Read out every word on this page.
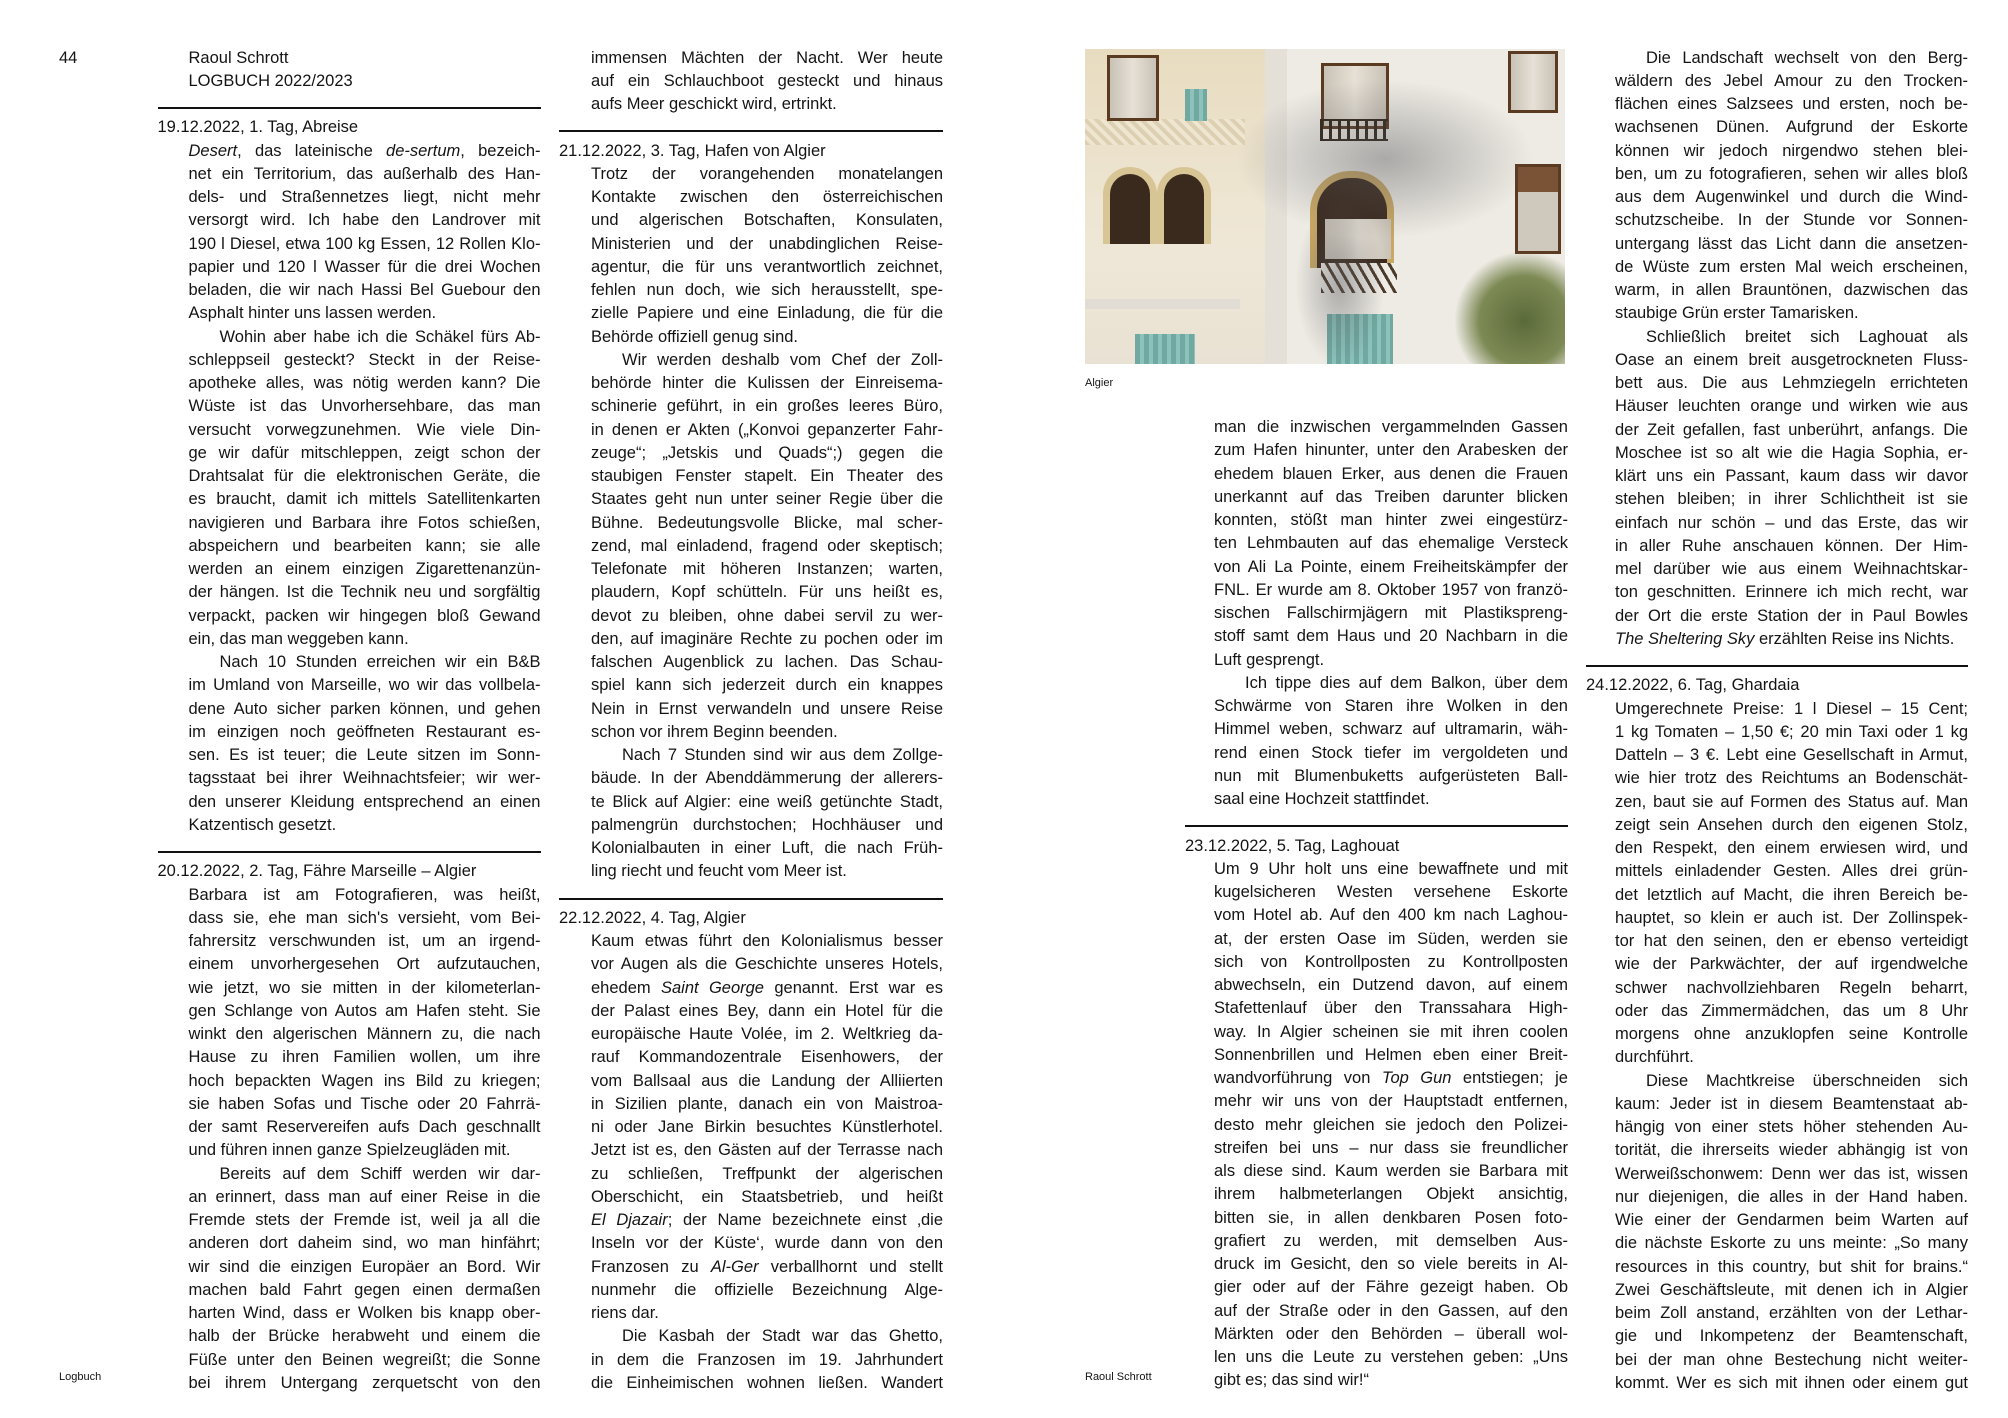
44	Raoul Schrott
LOGBUCH 2022/2023
19.12.2022, 1. Tag, Abreise
Desert, das lateinische de-sertum, bezeich-
net ein Territorium, das außerhalb des Han-
dels- und Straßennetzes liegt, nicht mehr
versorgt wird. Ich habe den Landrover mit
190 l Diesel, etwa 100 kg Essen, 12 Rollen Klo-
papier und 120 l Wasser für die drei Wochen
beladen, die wir nach Hassi Bel Guebour den
Asphalt hinter uns lassen werden.
Wohin aber habe ich die Schäkel fürs Ab-
schleppseil gesteckt? Steckt in der Reise-
apotheke alles, was nötig werden kann? Die
Wüste ist das Unvorhersehbare, das man
versucht vorwegzunehmen. Wie viele Din-
ge wir dafür mitschleppen, zeigt schon der
Drahtsalat für die elektronischen Geräte, die
es braucht, damit ich mittels Satellitenkarten
navigieren und Barbara ihre Fotos schießen,
abspeichern und bearbeiten kann; sie alle
werden an einem einzigen Zigarettenanzün-
der hängen. Ist die Technik neu und sorgfältig
verpackt, packen wir hingegen bloß Gewand
ein, das man weggeben kann.
Nach 10 Stunden erreichen wir ein B&B
im Umland von Marseille, wo wir das vollbela-
dene Auto sicher parken können, und gehen
im einzigen noch geöffneten Restaurant es-
sen. Es ist teuer; die Leute sitzen im Sonn-
tagsstaat bei ihrer Weihnachtsfeier; wir wer-
den unserer Kleidung entsprechend an einen
Katzentisch gesetzt.
20.12.2022, 2. Tag, Fähre Marseille – Algier
Barbara ist am Fotografieren, was heißt,
dass sie, ehe man sich's versieht, vom Bei-
fahrersitz verschwunden ist, um an irgend-
einem unvorhergesehen Ort aufzutauchen,
wie jetzt, wo sie mitten in der kilometerlan-
gen Schlange von Autos am Hafen steht. Sie
winkt den algerischen Männern zu, die nach
Hause zu ihren Familien wollen, um ihre
hoch bepackten Wagen ins Bild zu kriegen;
sie haben Sofas und Tische oder 20 Fahrrä-
der samt Reservereifen aufs Dach geschnallt
und führen innen ganze Spielzeugläden mit.
Bereits auf dem Schiff werden wir dar-
an erinnert, dass man auf einer Reise in die
Fremde stets der Fremde ist, weil ja all die
anderen dort daheim sind, wo man hinfährt;
wir sind die einzigen Europäer an Bord. Wir
machen bald Fahrt gegen einen dermaßen
harten Wind, dass er Wolken bis knapp ober-
halb der Brücke herabweht und einem die
Füße unter den Beinen wegreißt; die Sonne
bei ihrem Untergang zerquetscht von den
immensen Mächten der Nacht. Wer heute
auf ein Schlauchboot gesteckt und hinaus
aufs Meer geschickt wird, ertrinkt.
21.12.2022, 3. Tag, Hafen von Algier
Trotz der vorangehenden monatelangen
Kontakte zwischen den österreichischen
und algerischen Botschaften, Konsulaten,
Ministerien und der unabdinglichen Reise-
agentur, die für uns verantwortlich zeichnet,
fehlen nun doch, wie sich herausstellt, spe-
zielle Papiere und eine Einladung, die für die
Behörde offiziell genug sind.
Wir werden deshalb vom Chef der Zoll-
behörde hinter die Kulissen der Einreisema-
schinerie geführt, in ein großes leeres Büro,
in denen er Akten („Konvoi gepanzerter Fahr-
zeuge“; „Jetskis und Quads“;) gegen die
staubigen Fenster stapelt. Ein Theater des
Staates geht nun unter seiner Regie über die
Bühne. Bedeutungsvolle Blicke, mal scher-
zend, mal einladend, fragend oder skeptisch;
Telefonate mit höheren Instanzen; warten,
plaudern, Kopf schütteln. Für uns heißt es,
devot zu bleiben, ohne dabei servil zu wer-
den, auf imaginäre Rechte zu pochen oder im
falschen Augenblick zu lachen. Das Schau-
spiel kann sich jederzeit durch ein knappes
Nein in Ernst verwandeln und unsere Reise
schon vor ihrem Beginn beenden.
Nach 7 Stunden sind wir aus dem Zollge-
bäude. In der Abenddämmerung der allerers-
te Blick auf Algier: eine weiß getünchte Stadt,
palmengrün durchstochen; Hochhäuser und
Kolonialbauten in einer Luft, die nach Früh-
ling riecht und feucht vom Meer ist.
22.12.2022, 4. Tag, Algier
Kaum etwas führt den Kolonialismus besser
vor Augen als die Geschichte unseres Hotels,
ehedem Saint George genannt. Erst war es
der Palast eines Bey, dann ein Hotel für die
europäische Haute Volée, im 2. Weltkrieg da-
rauf Kommandozentrale Eisenhowers, der
vom Ballsaal aus die Landung der Alliierten
in Sizilien plante, danach ein von Maistroa-
ni oder Jane Birkin besuchtes Künstlerhotel.
Jetzt ist es, den Gästen auf der Terrasse nach
zu schließen, Treffpunkt der algerischen
Oberschicht, ein Staatsbetrieb, und heißt
El Djazair; der Name bezeichnete einst ‚die
Inseln vor der Küste‘, wurde dann von den
Franzosen zu Al-Ger verballhornt und stellt
nunmehr die offizielle Bezeichnung Alge-
riens dar.
Die Kasbah der Stadt war das Ghetto,
in dem die Franzosen im 19. Jahrhundert
die Einheimischen wohnen ließen. Wandert
Algier
man die inzwischen vergammelnden Gassen
zum Hafen hinunter, unter den Arabesken der
ehedem blauen Erker, aus denen die Frauen
unerkannt auf das Treiben darunter blicken
konnten, stößt man hinter zwei eingestürz-
ten Lehmbauten auf das ehemalige Versteck
von Ali La Pointe, einem Freiheitskämpfer der
FNL. Er wurde am 8. Oktober 1957 von franzö-
sischen Fallschirmjägern mit Plastikspreng-
stoff samt dem Haus und 20 Nachbarn in die
Luft gesprengt.
Ich tippe dies auf dem Balkon, über dem
Schwärme von Staren ihre Wolken in den
Himmel weben, schwarz auf ultramarin, wäh-
rend einen Stock tiefer im vergoldeten und
nun mit Blumenbuketts aufgerüsteten Ball-
saal eine Hochzeit stattfindet.
23.12.2022, 5. Tag, Laghouat
Um 9 Uhr holt uns eine bewaffnete und mit
kugelsicheren Westen versehene Eskorte
vom Hotel ab. Auf den 400 km nach Laghou-
at, der ersten Oase im Süden, werden sie
sich von Kontrollposten zu Kontrollposten
abwechseln, ein Dutzend davon, auf einem
Stafettenlauf über den Transsahara High-
way. In Algier scheinen sie mit ihren coolen
Sonnenbrillen und Helmen eben einer Breit-
wandvorführung von Top Gun entstiegen; je
mehr wir uns von der Hauptstadt entfernen,
desto mehr gleichen sie jedoch den Polizei-
streifen bei uns – nur dass sie freundlicher
als diese sind. Kaum werden sie Barbara mit
ihrem halbmeterlangen Objekt ansichtig,
bitten sie, in allen denkbaren Posen foto-
grafiert zu werden, mit demselben Aus-
druck im Gesicht, den so viele bereits in Al-
gier oder auf der Fähre gezeigt haben. Ob
auf der Straße oder in den Gassen, auf den
Märkten oder den Behörden – überall wol-
len uns die Leute zu verstehen geben: „Uns
gibt es; das sind wir!“
Die Landschaft wechselt von den Berg-
wäldern des Jebel Amour zu den Trocken-
flächen eines Salzsees und ersten, noch be-
wachsenen Dünen. Aufgrund der Eskorte
können wir jedoch nirgendwo stehen blei-
ben, um zu fotografieren, sehen wir alles bloß
aus dem Augenwinkel und durch die Wind-
schutzscheibe. In der Stunde vor Sonnen-
untergang lässt das Licht dann die ansetzen-
de Wüste zum ersten Mal weich erscheinen,
warm, in allen Brauntönen, dazwischen das
staubige Grün erster Tamarisken.
Schließlich breitet sich Laghouat als
Oase an einem breit ausgetrockneten Fluss-
bett aus. Die aus Lehmziegeln errichteten
Häuser leuchten orange und wirken wie aus
der Zeit gefallen, fast unberührt, anfangs. Die
Moschee ist so alt wie die Hagia Sophia, er-
klärt uns ein Passant, kaum dass wir davor
stehen bleiben; in ihrer Schlichtheit ist sie
einfach nur schön – und das Erste, das wir
in aller Ruhe anschauen können. Der Him-
mel darüber wie aus einem Weihnachtskar-
ton geschnitten. Erinnere ich mich recht, war
der Ort die erste Station der in Paul Bowles
The Sheltering Sky erzählten Reise ins Nichts.
24.12.2022, 6. Tag, Ghardaia
Umgerechnete Preise: 1 l Diesel – 15 Cent;
1 kg Tomaten – 1,50 €; 20 min Taxi oder 1 kg
Datteln – 3 €. Lebt eine Gesellschaft in Armut,
wie hier trotz des Reichtums an Bodenschät-
zen, baut sie auf Formen des Status auf. Man
zeigt sein Ansehen durch den eigenen Stolz,
den Respekt, den einem erwiesen wird, und
mittels einladender Gesten. Alles drei grün-
det letztlich auf Macht, die ihren Bereich be-
hauptet, so klein er auch ist. Der Zollinspek-
tor hat den seinen, den er ebenso verteidigt
wie der Parkwächter, der auf irgendwelche
schwer nachvollziehbaren Regeln beharrt,
oder das Zimmermädchen, das um 8 Uhr
morgens ohne anzuklopfen seine Kontrolle
durchführt.
Diese Machtkreise überschneiden sich
kaum: Jeder ist in diesem Beamtenstaat ab-
hängig von einer stets höher stehenden Au-
torität, die ihrerseits wieder abhängig ist von
Werweißschonwem: Denn wer das ist, wissen
nur diejenigen, die alles in der Hand haben.
Wie einer der Gendarmen beim Warten auf
die nächste Eskorte zu uns meinte: „So many
resources in this country, but shit for brains.“
Zwei Geschäftsleute, mit denen ich in Algier
beim Zoll anstand, erzählten von der Lethar-
gie und Inkompetenz der Beamtenschaft,
bei der man ohne Bestechung nicht weiter-
kommt. Wer es sich mit ihnen oder einem gut
Logbuch	Raoul Schrott
